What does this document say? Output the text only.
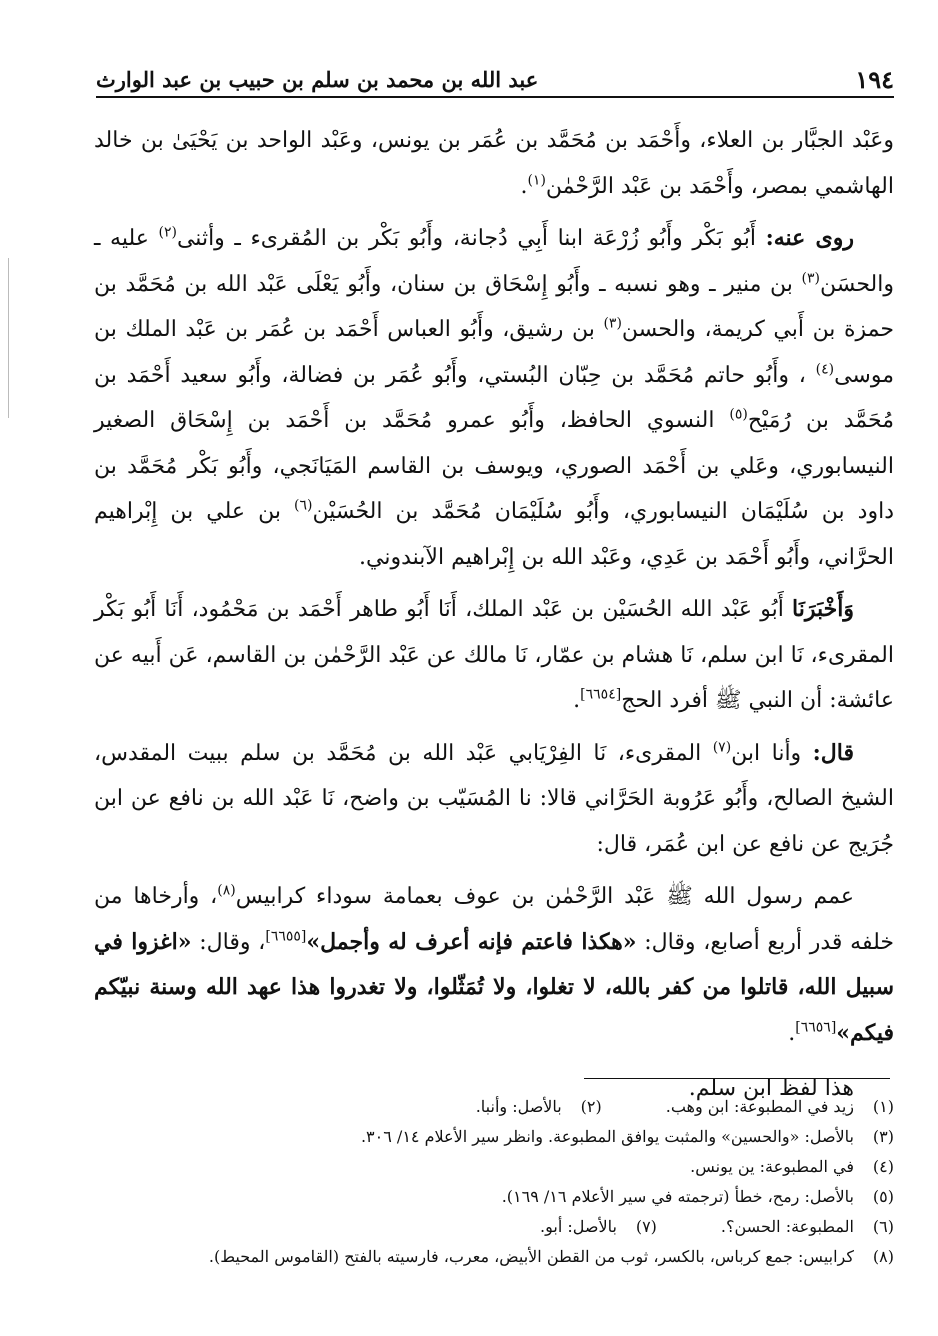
١٩٤
عبد الله بن محمد بن سلم بن حبيب بن عبد الوارث

وعَبْد الجبَّار بن العلاء، وأَحْمَد بن مُحَمَّد بن عُمَر بن يونس، وعَبْد الواحد بن يَحْيَىٰ بن خالد الهاشمي بمصر، وأَحْمَد بن عَبْد الرَّحْمٰن$^{(١)}$.

روى عنه: أَبُو بَكْر وأَبُو زُرْعَة ابنا أَبِي دُجانة، وأَبُو بَكْر بن المُقرىء ـ وأثنى$^{(٢)}$ عليه ـ والحسَن$^{(٣)}$ بن منير ـ وهو نسبه ـ وأَبُو إِسْحَاق بن سنان، وأَبُو يَعْلَى عَبْد الله بن مُحَمَّد بن حمزة بن أَبي كريمة، والحسن$^{(٣)}$ بن رشيق، وأَبُو العباس أَحْمَد بن عُمَر بن عَبْد الملك بن موسى$^{(٤)}$ ، وأَبُو حاتم مُحَمَّد بن حِبّان البُستي، وأَبُو عُمَر بن فضالة، وأَبُو سعيد أَحْمَد بن مُحَمَّد بن رُمَيْح$^{(٥)}$ النسوي الحافظ، وأَبُو عمرو مُحَمَّد بن أَحْمَد بن إِسْحَاق الصغير النيسابوري، وعَلي بن أَحْمَد الصوري، ويوسف بن القاسم المَيَانَجي، وأَبُو بَكْر مُحَمَّد بن داود بن سُلَيْمَان النيسابوري، وأَبُو سُلَيْمَان مُحَمَّد بن الحُسَيْن$^{(٦)}$ بن علي بن إِبْراهيم الحرَّاني، وأَبُو أَحْمَد بن عَدِي، وعَبْد الله بن إِبْراهيم الآبندوني.

وَأَخْبَرَنَا أَبُو عَبْد الله الحُسَيْن بن عَبْد الملك، أَنَا أَبُو طاهر أَحْمَد بن مَحْمُود، أَنَا أَبُو بَكْر المقرىء، نَا ابن سلم، نَا هشام بن عمّار، نَا مالك عن عَبْد الرَّحْمٰن بن القاسم، عَن أَبيه عن عائشة: أن النبي ﷺ أفرد الحج[٦٦٥٤].

قال: وأنا ابن$^{(٧)}$ المقرىء، نَا الفِرْيَابي عَبْد الله بن مُحَمَّد بن سلم ببيت المقدس، الشيخ الصالح، وأَبُو عَرُوبة الحَرَّاني قالا: نا المُسَيّب بن واضح، نَا عَبْد الله بن نافع عن ابن جُرَيج عن نافع عن ابن عُمَر، قال:

عمم رسول الله ﷺ عَبْد الرَّحْمٰن بن عوف بعمامة سوداء كرابيس$^{(٨)}$، وأرخاها من خلفه قدر أربع أصابع، وقال: «هكذا فاعتم فإنه أعرف له وأجمل»[٦٦٥٥]، وقال: «اغزوا في سبيل الله، قاتلوا من كفر بالله، لا تغلوا، ولا تُمَثّلوا، ولا تغدروا هذا عهد الله وسنة نبيّكم فيكم»[٦٦٥٦].

هذا لفظ ابن سلم.
(١)
زيد في المطبوعة: ابن وهب.
(٢)
بالأصل: وأنبا.
(٣)
بالأصل: «والحسين» والمثبت يوافق المطبوعة. وانظر سير الأعلام ١٤/ ٣٠٦.
(٤)
في المطبوعة: ين يونس.
(٥)
بالأصل: رمح، خطأ (ترجمته في سير الأعلام ١٦/ ١٦٩).
(٦)
المطبوعة: الحسن؟.
(٧)
بالأصل: أبو.
(٨)
كرابيس: جمع كرباس، بالكسر، ثوب من القطن الأبيض، معرب، فارسيته بالفتح (القاموس المحيط).
